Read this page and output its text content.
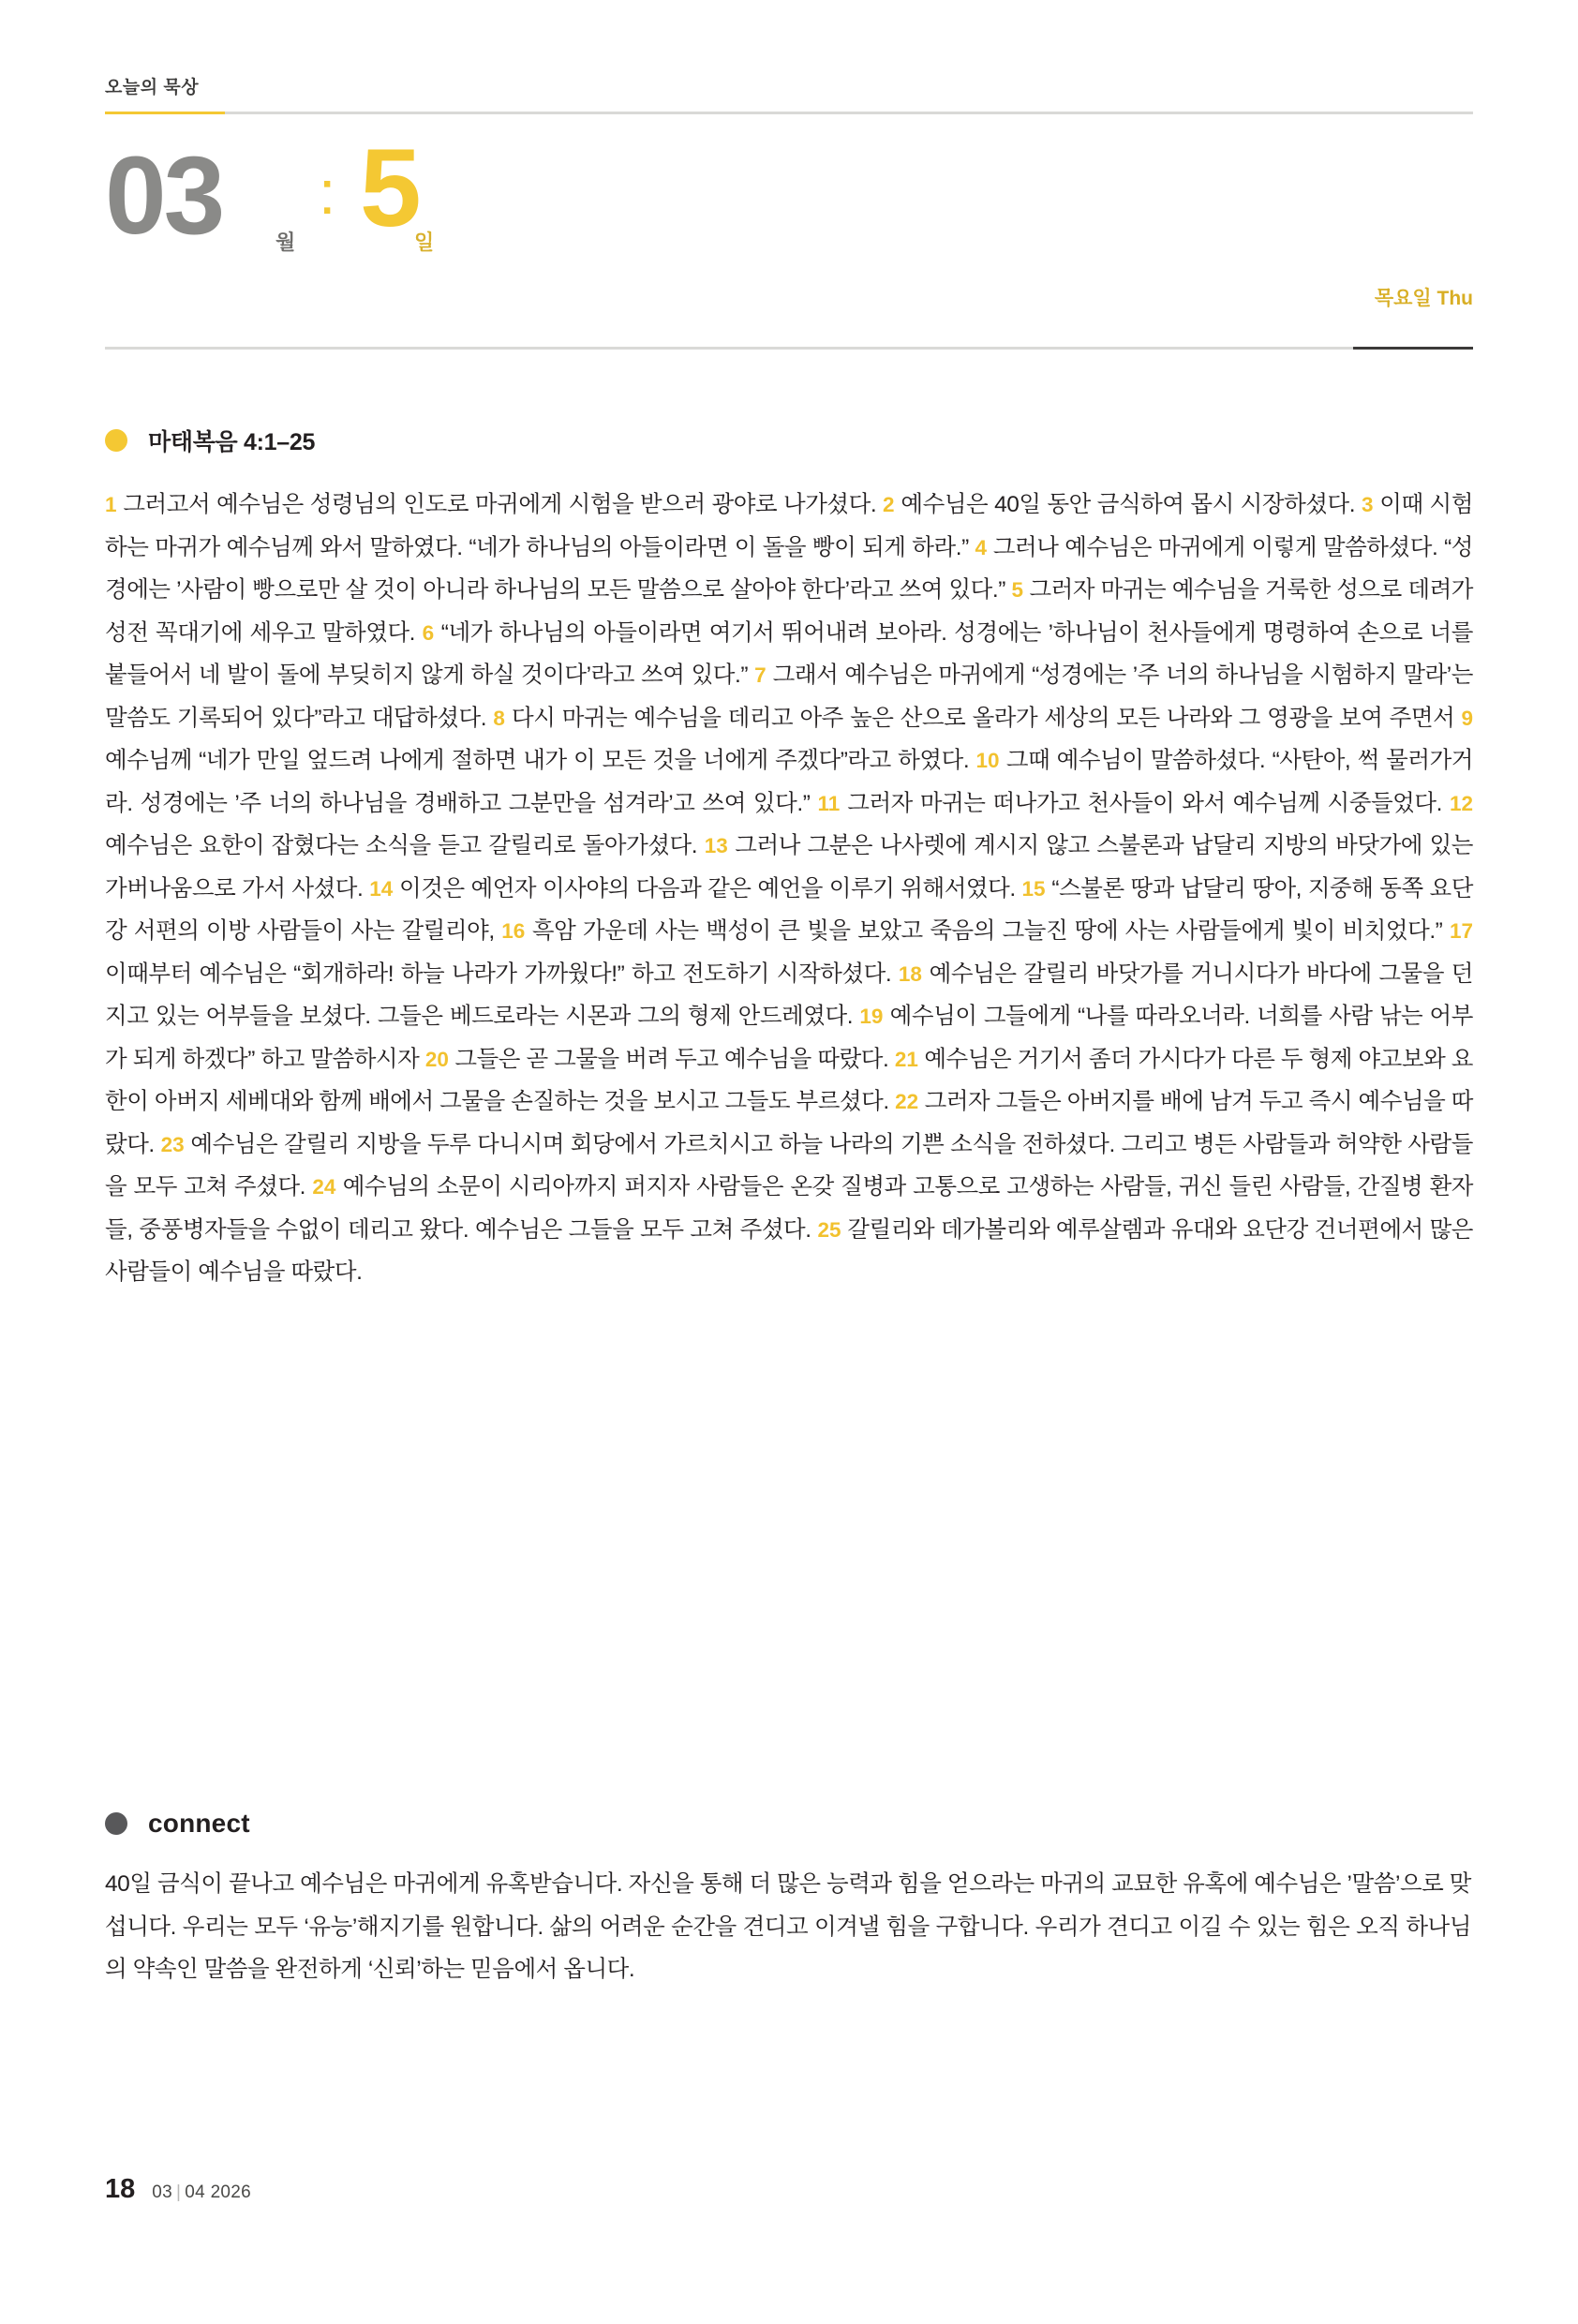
오늘의 묵상
03	월
: 5
일
목요일 Thu
마태복음 4:1–25
1 그러고서 예수님은 성령님의 인도로 마귀에게 시험을 받으러 광야로 나가셨다. 2 예수님은 40일 동안 금식하여 몹시 시장하셨다. 3 이때 시험하는 마귀가 예수님께 와서 말하였다. “네가 하나님의 아들이라면 이 돌을 빵이 되게 하라.” 4 그러나 예수님은 마귀에게 이렇게 말씀하셨다. “성경에는 ’사람이 빵으로만 살 것이 아니라 하나님의 모든 말씀으로 살아야 한다’라고 쓰여 있다.” 5 그러자 마귀는 예수님을 거룩한 성으로 데려가 성전 꼭대기에 세우고 말하였다. 6 “네가 하나님의 아들이라면 여기서 뛰어내려 보아라. 성경에는 ’하나님이 천사들에게 명령하여 손으로 너를 붙들어서 네 발이 돌에 부딪히지 않게 하실 것이다’라고 쓰여 있다.” 7 그래서 예수님은 마귀에게 “성경에는 ’주 너의 하나님을 시험하지 말라’는 말씀도 기록되어 있다”라고 대답하셨다. 8 다시 마귀는 예수님을 데리고 아주 높은 산으로 올라가 세상의 모든 나라와 그 영광을 보여 주면서 9 예수님께 “네가 만일 엎드려 나에게 절하면 내가 이 모든 것을 너에게 주겠다”라고 하였다. 10 그때 예수님이 말씀하셨다. “사탄아, 썩 물러가거라. 성경에는 ’주 너의 하나님을 경배하고 그분만을 섬겨라’고 쓰여 있다.” 11 그러자 마귀는 떠나가고 천사들이 와서 예수님께 시중들었다. 12 예수님은 요한이 잡혔다는 소식을 듣고 갈릴리로 돌아가셨다. 13 그러나 그분은 나사렛에 계시지 않고 스불론과 납달리 지방의 바닷가에 있는 가버나움으로 가서 사셨다. 14 이것은 예언자 이사야의 다음과 같은 예언을 이루기 위해서였다. 15 “스불론 땅과 납달리 땅아, 지중해 동쪽 요단강 서편의 이방 사람들이 사는 갈릴리야, 16 흑암 가운데 사는 백성이 큰 빛을 보았고 죽음의 그늘진 땅에 사는 사람들에게 빛이 비치었다.” 17 이때부터 예수님은 “회개하라! 하늘 나라가 가까웠다!” 하고 전도하기 시작하셨다. 18 예수님은 갈릴리 바닷가를 거니시다가 바다에 그물을 던지고 있는 어부들을 보셨다. 그들은 베드로라는 시몬과 그의 형제 안드레였다. 19 예수님이 그들에게 “나를 따라오너라. 너희를 사람 낚는 어부가 되게 하겠다” 하고 말씀하시자 20 그들은 곧 그물을 버려 두고 예수님을 따랐다. 21 예수님은 거기서 좀더 가시다가 다른 두 형제 야고보와 요한이 아버지 세베대와 함께 배에서 그물을 손질하는 것을 보시고 그들도 부르셨다. 22 그러자 그들은 아버지를 배에 남겨 두고 즉시 예수님을 따랐다. 23 예수님은 갈릴리 지방을 두루 다니시며 회당에서 가르치시고 하늘 나라의 기쁜 소식을 전하셨다. 그리고 병든 사람들과 허약한 사람들을 모두 고쳐 주셨다. 24 예수님의 소문이 시리아까지 퍼지자 사람들은 온갖 질병과 고통으로 고생하는 사람들, 귀신 들린 사람들, 간질병 환자들, 중풍병자들을 수없이 데리고 왔다. 예수님은 그들을 모두 고쳐 주셨다. 25 갈릴리와 데가볼리와 예루살렘과 유대와 요단강 건너편에서 많은 사람들이 예수님을 따랐다.
connect
40일 금식이 끝나고 예수님은 마귀에게 유혹받습니다. 자신을 통해 더 많은 능력과 힘을 얻으라는 마귀의 교묘한 유혹에 예수님은 ’말씀’으로 맞섭니다. 우리는 모두 ‘유능’해지기를 원합니다. 삶의 어려운 순간을 견디고 이겨낼 힘을 구합니다. 우리가 견디고 이길 수 있는 힘은 오직 하나님의 약속인 말씀을 완전하게 ‘신뢰’하는 믿음에서 옵니다.
18 03 | 04 2026
